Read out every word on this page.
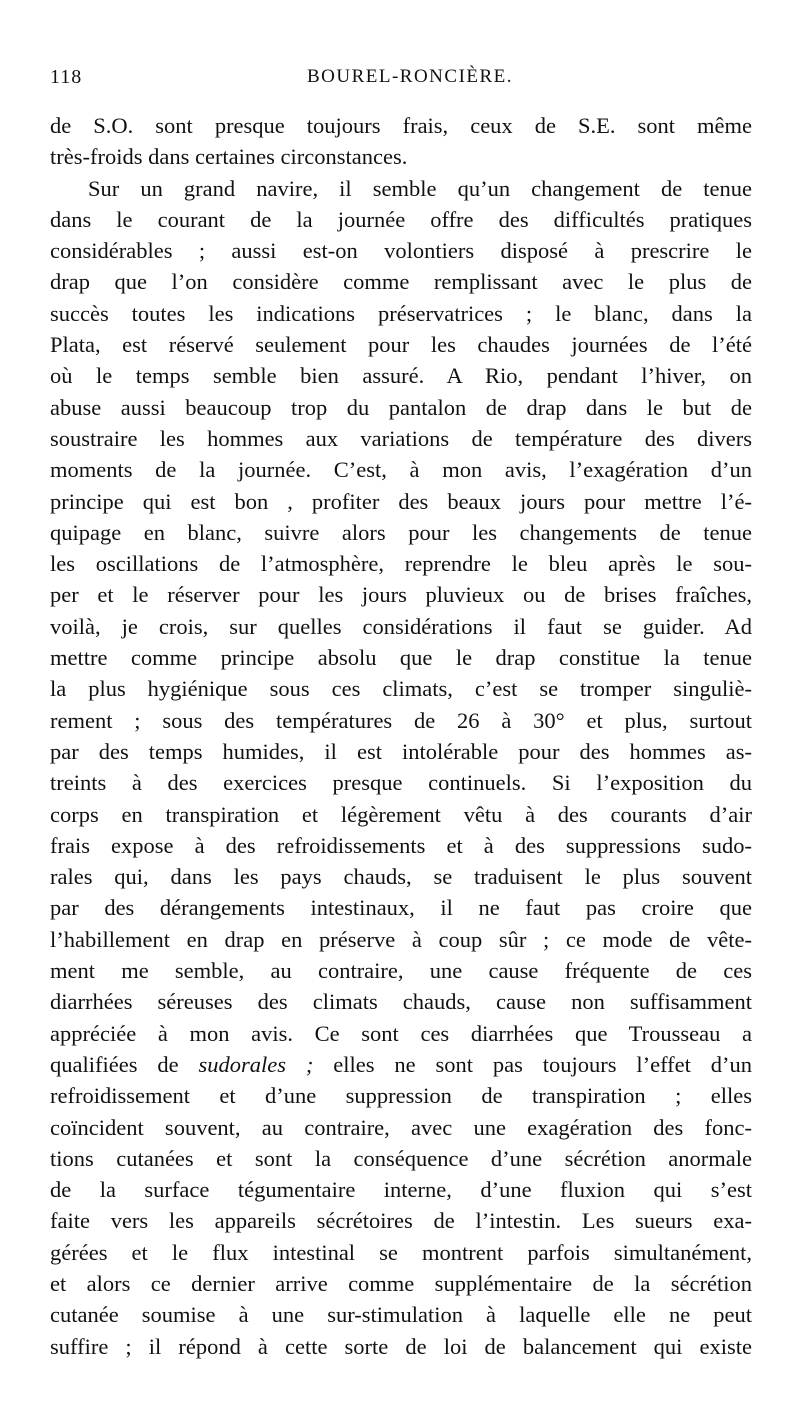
118	BOUREL-RONCIÈRE.
de S.O. sont presque toujours frais, ceux de S.E. sont même
très-froids dans certaines circonstances.
Sur un grand navire, il semble qu’un changement de tenue
dans le courant de la journée offre des difficultés pratiques
considérables ; aussi est-on volontiers disposé à prescrire le
drap que l’on considère comme remplissant avec le plus de
succès toutes les indications préservatrices ; le blanc, dans la
Plata, est réservé seulement pour les chaudes journées de l’été
où le temps semble bien assuré. A Rio, pendant l’hiver, on
abuse aussi beaucoup trop du pantalon de drap dans le but de
soustraire les hommes aux variations de température des divers
moments de la journée. C’est, à mon avis, l’exagération d’un
principe qui est bon , profiter des beaux jours pour mettre l’é-
quipage en blanc, suivre alors pour les changements de tenue
les oscillations de l’atmosphère, reprendre le bleu après le sou-
per et le réserver pour les jours pluvieux ou de brises fraîches,
voilà, je crois, sur quelles considérations il faut se guider. Ad
mettre comme principe absolu que le drap constitue la tenue
la plus hygiénique sous ces climats, c’est se tromper singuliè-
rement ; sous des températures de 26 à 30° et plus, surtout
par des temps humides, il est intolérable pour des hommes as-
treints à des exercices presque continuels. Si l’exposition du
corps en transpiration et légèrement vêtu à des courants d’air
frais expose à des refroidissements et à des suppressions sudo-
rales qui, dans les pays chauds, se traduisent le plus souvent
par des dérangements intestinaux, il ne faut pas croire que
l’habillement en drap en préserve à coup sûr ; ce mode de vête-
ment me semble, au contraire, une cause fréquente de ces
diarrhées séreuses des climats chauds, cause non suffisamment
appréciée à mon avis. Ce sont ces diarrhées que Trousseau a
qualifiées de sudorales ; elles ne sont pas toujours l’effet d’un
refroidissement et d’une suppression de transpiration ; elles
coïncident souvent, au contraire, avec une exagération des fonc-
tions cutanées et sont la conséquence d’une sécrétion anormale
de la surface tégumentaire interne, d’une fluxion qui s’est
faite vers les appareils sécrétoires de l’intestin. Les sueurs exa-
gérées et le flux intestinal se montrent parfois simultanément,
et alors ce dernier arrive comme supplémentaire de la sécrétion
cutanée soumise à une sur-stimulation à laquelle elle ne peut
suffire ; il répond à cette sorte de loi de balancement qui existe
